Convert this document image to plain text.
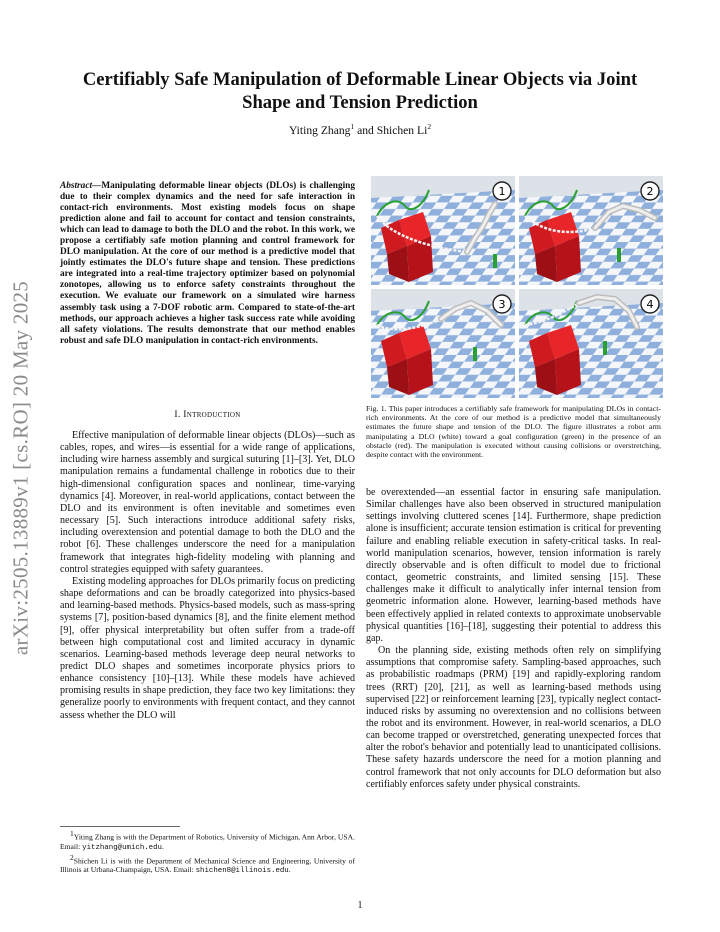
arXiv:2505.13889v1 [cs.RO] 20 May 2025
Certifiably Safe Manipulation of Deformable Linear Objects via Joint Shape and Tension Prediction
Yiting Zhang$^1$ and Shichen Li$^2$
Abstract—Manipulating deformable linear objects (DLOs) is challenging due to their complex dynamics and the need for safe interaction in contact-rich environments. Most existing models focus on shape prediction alone and fail to account for contact and tension constraints, which can lead to damage to both the DLO and the robot. In this work, we propose a certifiably safe motion planning and control framework for DLO manipulation. At the core of our method is a predictive model that jointly estimates the DLO's future shape and tension. These predictions are integrated into a real-time trajectory optimizer based on polynomial zonotopes, allowing us to enforce safety constraints throughout the execution. We evaluate our framework on a simulated wire harness assembly task using a 7-DOF robotic arm. Compared to state-of-the-art methods, our approach achieves a higher task success rate while avoiding all safety violations. The results demonstrate that our method enables robust and safe DLO manipulation in contact-rich environments.
I. Introduction

Effective manipulation of deformable linear objects (DLOs)—such as cables, ropes, and wires—is essential for a wide range of applications, including wire harness assembly and surgical suturing [1]–[3]. Yet, DLO manipulation remains a fundamental challenge in robotics due to their high-dimensional configuration spaces and nonlinear, time-varying dynamics [4]. Moreover, in real-world applications, contact between the DLO and its environment is often inevitable and sometimes even necessary [5]. Such interactions introduce additional safety risks, including overextension and potential damage to both the DLO and the robot [6]. These challenges underscore the need for a manipulation framework that integrates high-fidelity modeling with planning and control strategies equipped with safety guarantees.

Existing modeling approaches for DLOs primarily focus on predicting shape deformations and can be broadly categorized into physics-based and learning-based methods. Physics-based models, such as mass-spring systems [7], position-based dynamics [8], and the finite element method [9], offer physical interpretability but often suffer from a trade-off between high computational cost and limited accuracy in dynamic scenarios. Learning-based methods leverage deep neural networks to predict DLO shapes and sometimes incorporate physics priors to enhance consistency [10]–[13]. While these models have achieved promising results in shape prediction, they face two key limitations: they generalize poorly to environments with frequent contact, and they cannot assess whether the DLO will

$^1$Yiting Zhang is with the Department of Robotics, University of Michigan, Ann Arbor, USA. Email: yitzhang@umich.edu.

$^2$Shichen Li is with the Department of Mechanical Science and Engineering, University of Illinois at Urbana-Champaign, USA. Email: shichen8@illinois.edu.

1	2
3	4
Fig. 1. This paper introduces a certifiably safe framework for manipulating DLOs in contact-rich environments. At the core of our method is a predictive model that simultaneously estimates the future shape and tension of the DLO. The figure illustrates a robot arm manipulating a DLO (white) toward a goal configuration (green) in the presence of an obstacle (red). The manipulation is executed without causing collisions or overstretching, despite contact with the environment.

be overextended—an essential factor in ensuring safe manipulation. Similar challenges have also been observed in structured manipulation settings involving cluttered scenes [14]. Furthermore, shape prediction alone is insufficient; accurate tension estimation is critical for preventing failure and enabling reliable execution in safety-critical tasks. In real-world manipulation scenarios, however, tension information is rarely directly observable and is often difficult to model due to frictional contact, geometric constraints, and limited sensing [15]. These challenges make it difficult to analytically infer internal tension from geometric information alone. However, learning-based methods have been effectively applied in related contexts to approximate unobservable physical quantities [16]–[18], suggesting their potential to address this gap.

On the planning side, existing methods often rely on simplifying assumptions that compromise safety. Sampling-based approaches, such as probabilistic roadmaps (PRM) [19] and rapidly-exploring random trees (RRT) [20], [21], as well as learning-based methods using supervised [22] or reinforcement learning [23], typically neglect contact-induced risks by assuming no overextension and no collisions between the robot and its environment. However, in real-world scenarios, a DLO can become trapped or overstretched, generating unexpected forces that alter the robot's behavior and potentially lead to unanticipated collisions. These safety hazards underscore the need for a motion planning and control framework that not only accounts for DLO deformation but also certifiably enforces safety under physical constraints.

1
